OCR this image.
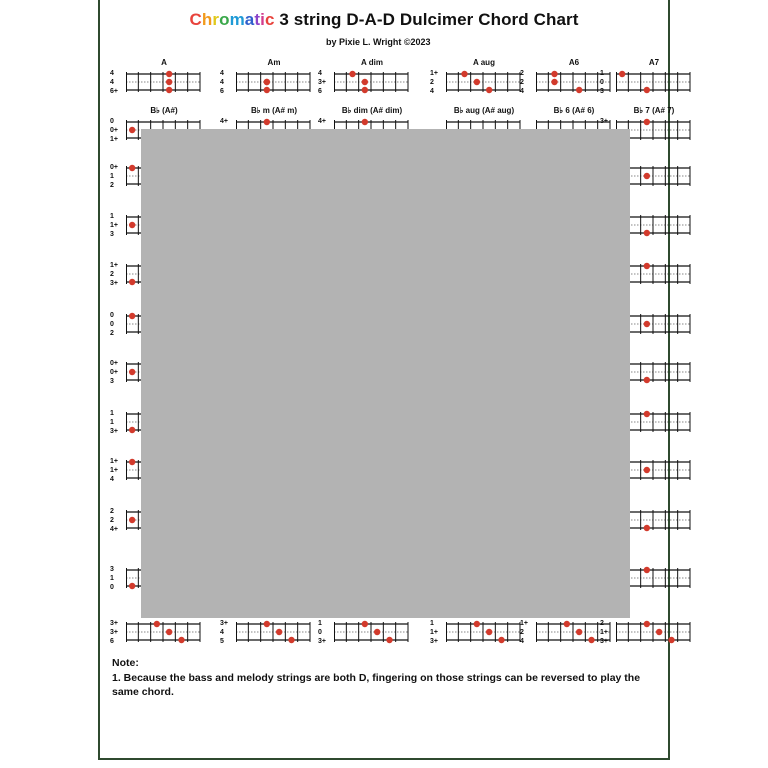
Chromatic 3 string D-A-D Dulcimer Chord Chart
by Pixie L. Wright ©2023
A
4
4
6+
Am
4
4
6
A dim
4
3+
6
A aug
1+
2
4
A6
2
2
4
A7
1
0
3
B♭ (A#)
0
0+
1+
B♭ m (A# m)
4+
B♭ dim (A# dim)
4+
B♭ aug (A# aug)	B♭ 6 (A# 6)	B♭ 7 (A# 7)
3+
0+
1
2
1
1+
3
1+
2
3+
0
0
2
0+
0+
3
1
1
3+
1+
1+
4
2
2
4+
3
1
0
3+
3+
6
3+
4
5
1
0
3+
1
1+
3+
1+
2
4
2
1+
3+
Note:
1. Because the bass and melody strings are both D, fingering on those strings can be reversed to play the same chord.
